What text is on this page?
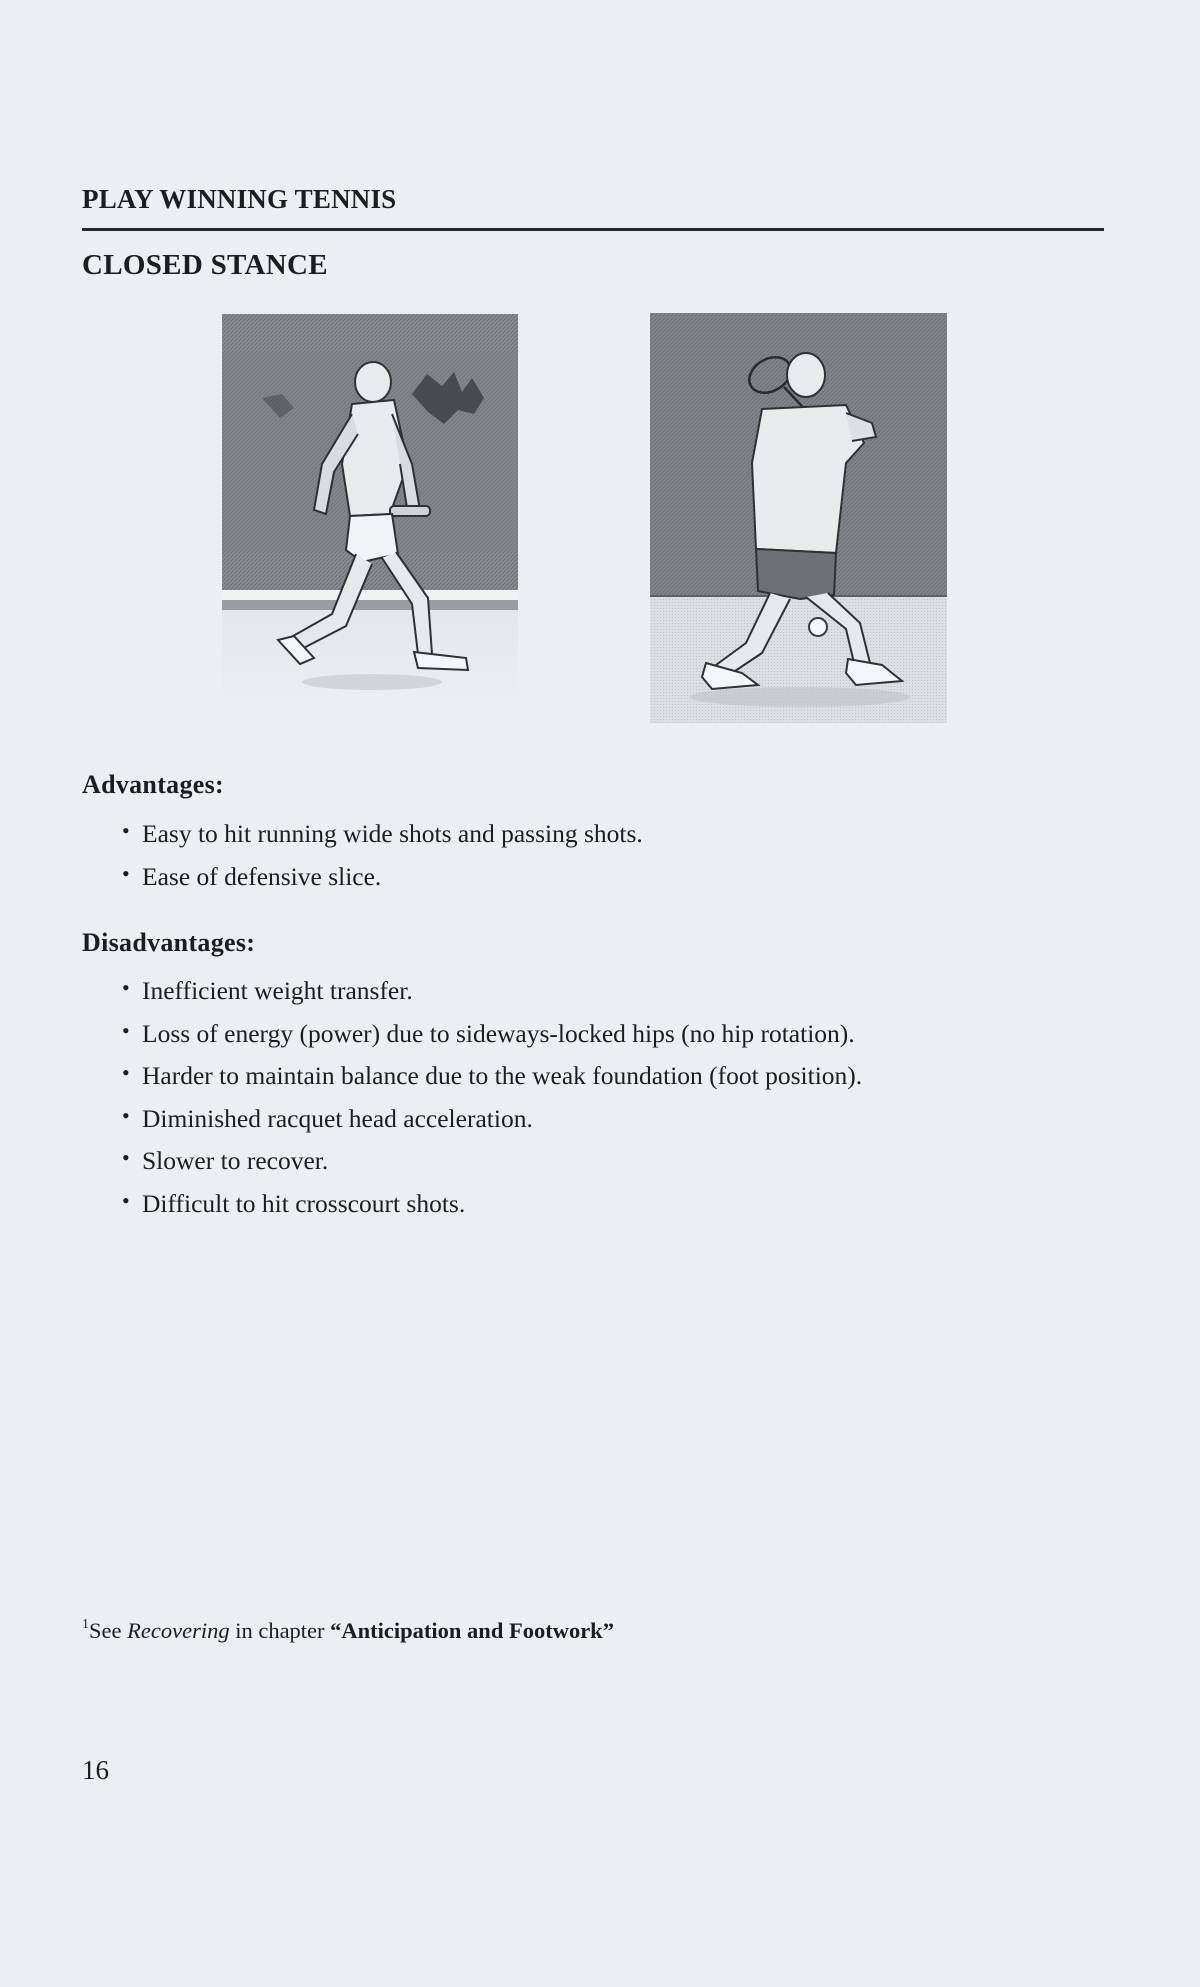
PLAY WINNING TENNIS
CLOSED STANCE
Advantages:
• Easy to hit running wide shots and passing shots.
• Ease of defensive slice.
Disadvantages:
• Inefficient weight transfer.
• Loss of energy (power) due to sideways-locked hips (no hip rotation).
• Harder to maintain balance due to the weak foundation (foot position).
• Diminished racquet head acceleration.
• Slower to recover.
• Difficult to hit crosscourt shots.
$^1$See Recovering in chapter “Anticipation and Footwork”
16
